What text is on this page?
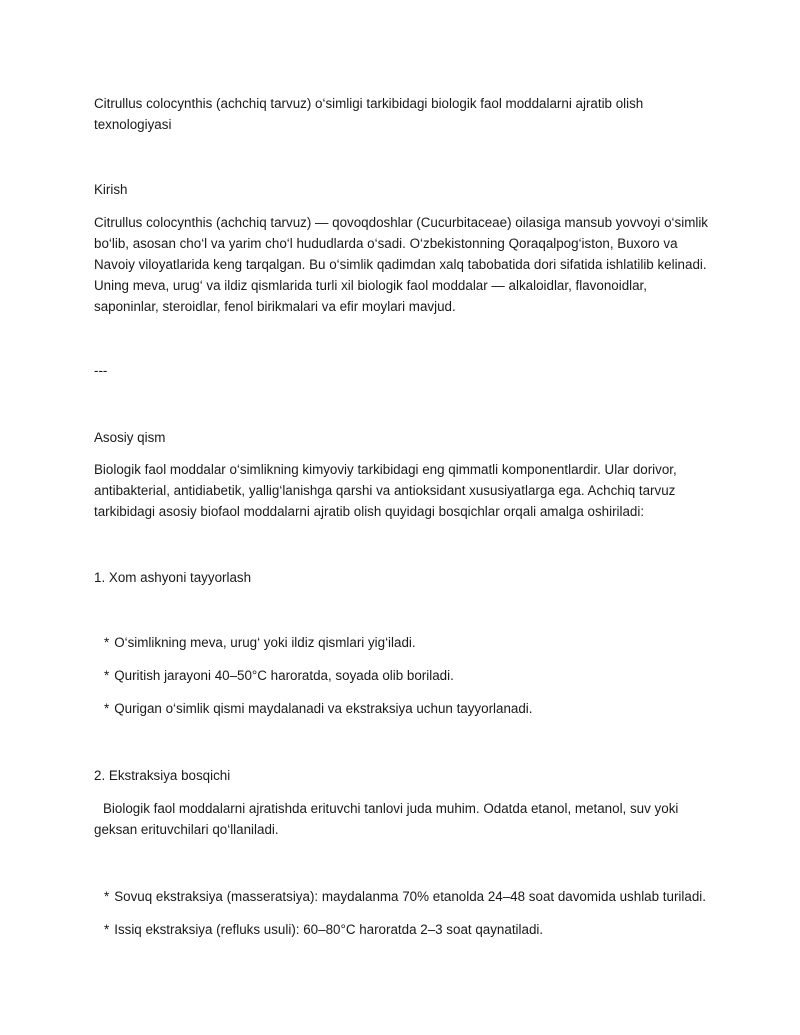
Citrullus colocynthis (achchiq tarvuz) o‘simligi tarkibidagi biologik faol moddalarni ajratib olish texnologiyasi

Kirish

Citrullus colocynthis (achchiq tarvuz) — qovoqdoshlar (Cucurbitaceae) oilasiga mansub yovvoyi o‘simlik bo‘lib, asosan cho‘l va yarim cho‘l hududlarda o‘sadi. O‘zbekistonning Qoraqalpog‘iston, Buxoro va Navoiy viloyatlarida keng tarqalgan. Bu o‘simlik qadimdan xalq tabobatida dori sifatida ishlatilib kelinadi. Uning meva, urug‘ va ildiz qismlarida turli xil biologik faol moddalar — alkaloidlar, flavonoidlar, saponinlar, steroidlar, fenol birikmalari va efir moylari mavjud.

---

Asosiy qism

Biologik faol moddalar o‘simlikning kimyoviy tarkibidagi eng qimmatli komponentlardir. Ular dorivor, antibakterial, antidiabetik, yallig‘lanishga qarshi va antioksidant xususiyatlarga ega. Achchiq tarvuz tarkibidagi asosiy biofaol moddalarni ajratib olish quyidagi bosqichlar orqali amalga oshiriladi:

1. Xom ashyoni tayyorlash

* O‘simlikning meva, urug‘ yoki ildiz qismlari yig‘iladi.

* Quritish jarayoni 40–50°C haroratda, soyada olib boriladi.

* Qurigan o‘simlik qismi maydalanadi va ekstraksiya uchun tayyorlanadi.

2. Ekstraksiya bosqichi

Biologik faol moddalarni ajratishda erituvchi tanlovi juda muhim. Odatda etanol, metanol, suv yoki geksan erituvchilari qo‘llaniladi.

* Sovuq ekstraksiya (masseratsiya): maydalanma 70% etanolda 24–48 soat davomida ushlab turiladi.

* Issiq ekstraksiya (refluks usuli): 60–80°C haroratda 2–3 soat qaynatiladi.
